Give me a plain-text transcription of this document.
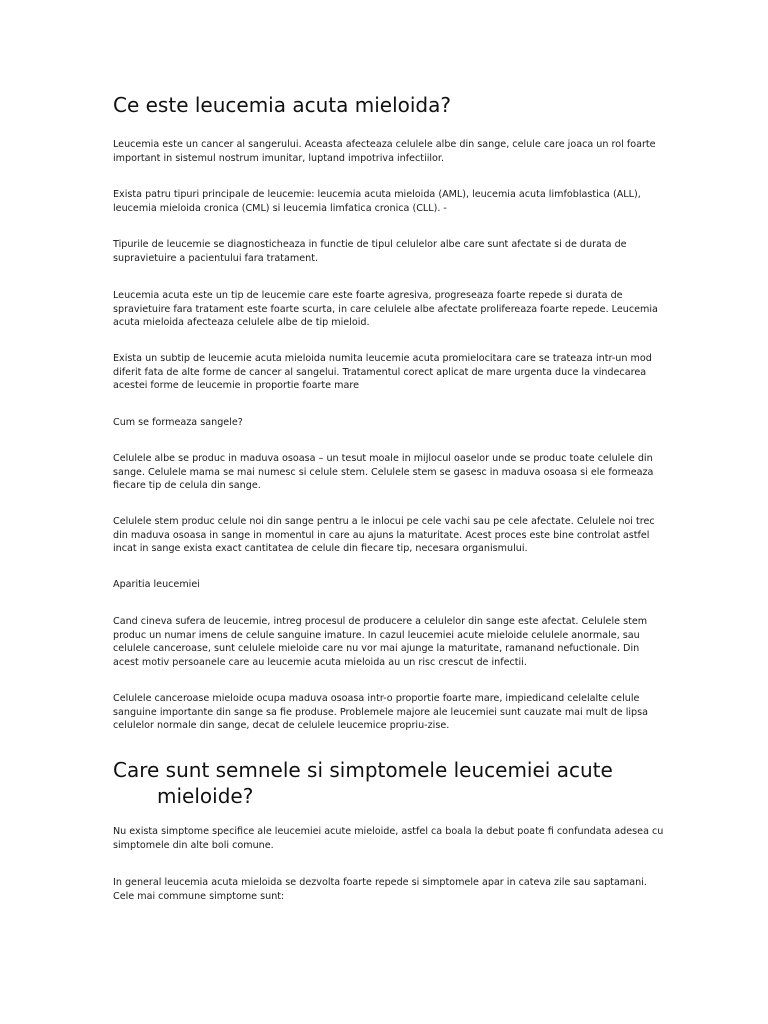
Ce este leucemia acuta mieloida?
Leucemia este un cancer al sangerului. Aceasta afecteaza celulele albe din sange, celule care joaca un rol foarte
important in sistemul nostrum imunitar, luptand impotriva infectiilor.
Exista patru tipuri principale de leucemie: leucemia acuta mieloida (AML), leucemia acuta limfoblastica (ALL),
leucemia mieloida cronica (CML) si leucemia limfatica cronica (CLL). -
Tipurile de leucemie se diagnosticheaza in functie de tipul celulelor albe care sunt afectate si de durata de
supravietuire a pacientului fara tratament.
Leucemia acuta este un tip de leucemie care este foarte agresiva, progreseaza foarte repede si durata de
spravietuire fara tratament este foarte scurta, in care celulele albe afectate prolifereaza foarte repede. Leucemia
acuta mieloida afecteaza celulele albe de tip mieloid.
Exista un subtip de leucemie acuta mieloida numita leucemie acuta promielocitara care se trateaza intr-un mod
diferit fata de alte forme de cancer al sangelui. Tratamentul corect aplicat de mare urgenta duce la vindecarea
acestei forme de leucemie in proportie foarte mare
Cum se formeaza sangele?
Celulele albe se produc in maduva osoasa – un tesut moale in mijlocul oaselor unde se produc toate celulele din
sange. Celulele mama se mai numesc si celule stem. Celulele stem se gasesc in maduva osoasa si ele formeaza
fiecare tip de celula din sange.
Celulele stem produc celule noi din sange pentru a le inlocui pe cele vachi sau pe cele afectate. Celulele noi trec
din maduva osoasa in sange in momentul in care au ajuns la maturitate. Acest proces este bine controlat astfel
incat in sange exista exact cantitatea de celule din fiecare tip, necesara organismului.
Aparitia leucemiei
Cand cineva sufera de leucemie, intreg procesul de producere a celulelor din sange este afectat. Celulele stem
produc un numar imens de celule sanguine imature. In cazul leucemiei acute mieloide celulele anormale, sau
celulele canceroase, sunt celulele mieloide care nu vor mai ajunge la maturitate, ramanand nefuctionale. Din
acest motiv persoanele care au leucemie acuta mieloida au un risc crescut de infectii.
Celulele canceroase mieloide ocupa maduva osoasa intr-o proportie foarte mare, impiedicand celelalte celule
sanguine importante din sange sa fie produse. Problemele majore ale leucemiei sunt cauzate mai mult de lipsa
celulelor normale din sange, decat de celulele leucemice propriu-zise.
Care sunt semnele si simptomele leucemiei acute
mieloide?
Nu exista simptome specifice ale leucemiei acute mieloide, astfel ca boala la debut poate fi confundata adesea cu
simptomele din alte boli comune.
In general leucemia acuta mieloida se dezvolta foarte repede si simptomele apar in cateva zile sau saptamani.
Cele mai commune simptome sunt:
